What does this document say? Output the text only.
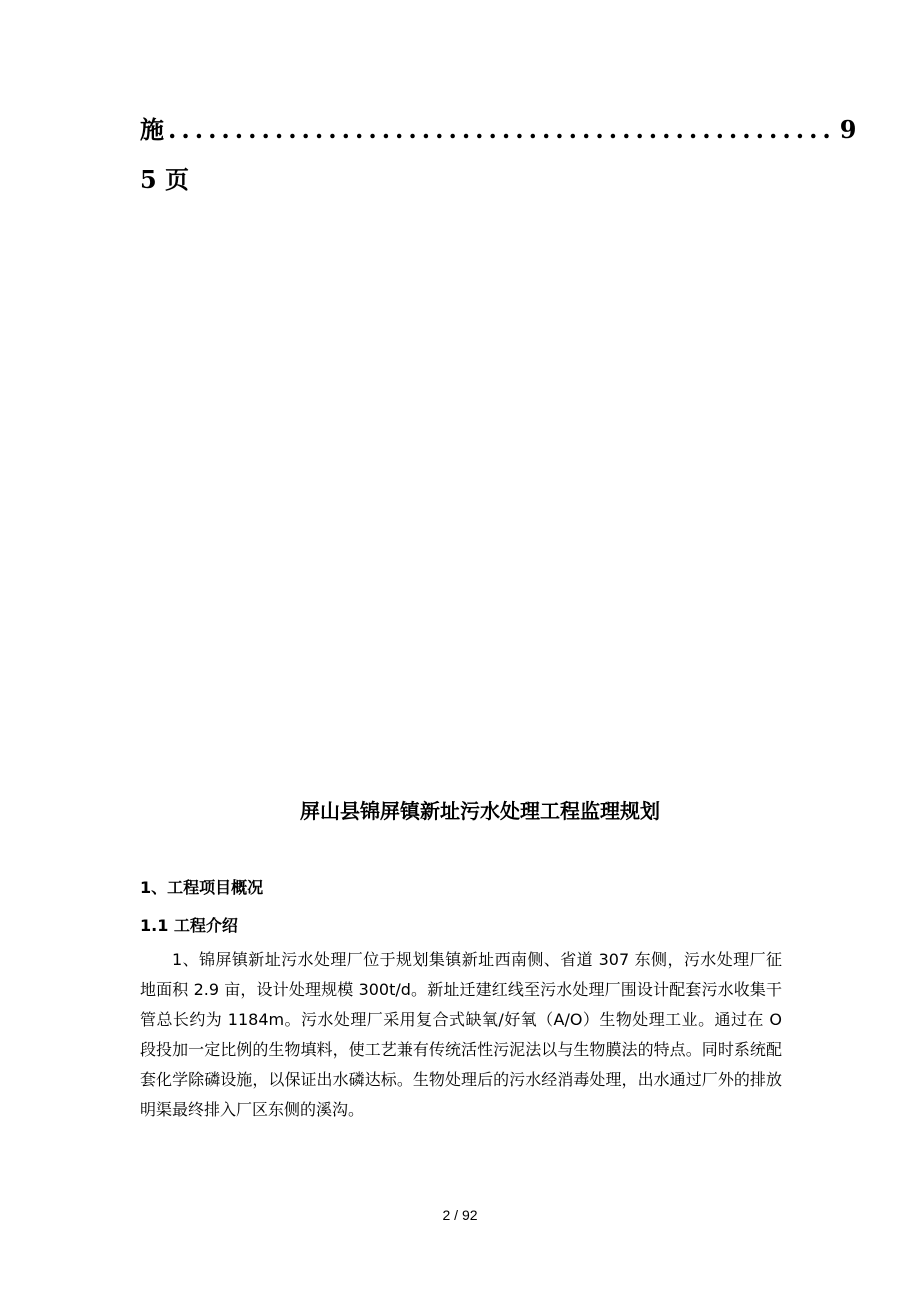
施 .................................................. 9
5 页
屏山县锦屏镇新址污水处理工程监理规划
1、工程项目概况
1.1 工程介绍
1、锦屏镇新址污水处理厂位于规划集镇新址西南侧、省道 307 东侧，污水处理厂征地面积 2.9 亩，设计处理规模 300t/d。新址迁建红线至污水处理厂围设计配套污水收集干管总长约为 1184m。污水处理厂采用复合式缺氧/好氧（A/O）生物处理工业。通过在 O 段投加一定比例的生物填料，使工艺兼有传统活性污泥法以与生物膜法的特点。同时系统配套化学除磷设施，以保证出水磷达标。生物处理后的污水经消毒处理，出水通过厂外的排放明渠最终排入厂区东侧的溪沟。
2 / 92
